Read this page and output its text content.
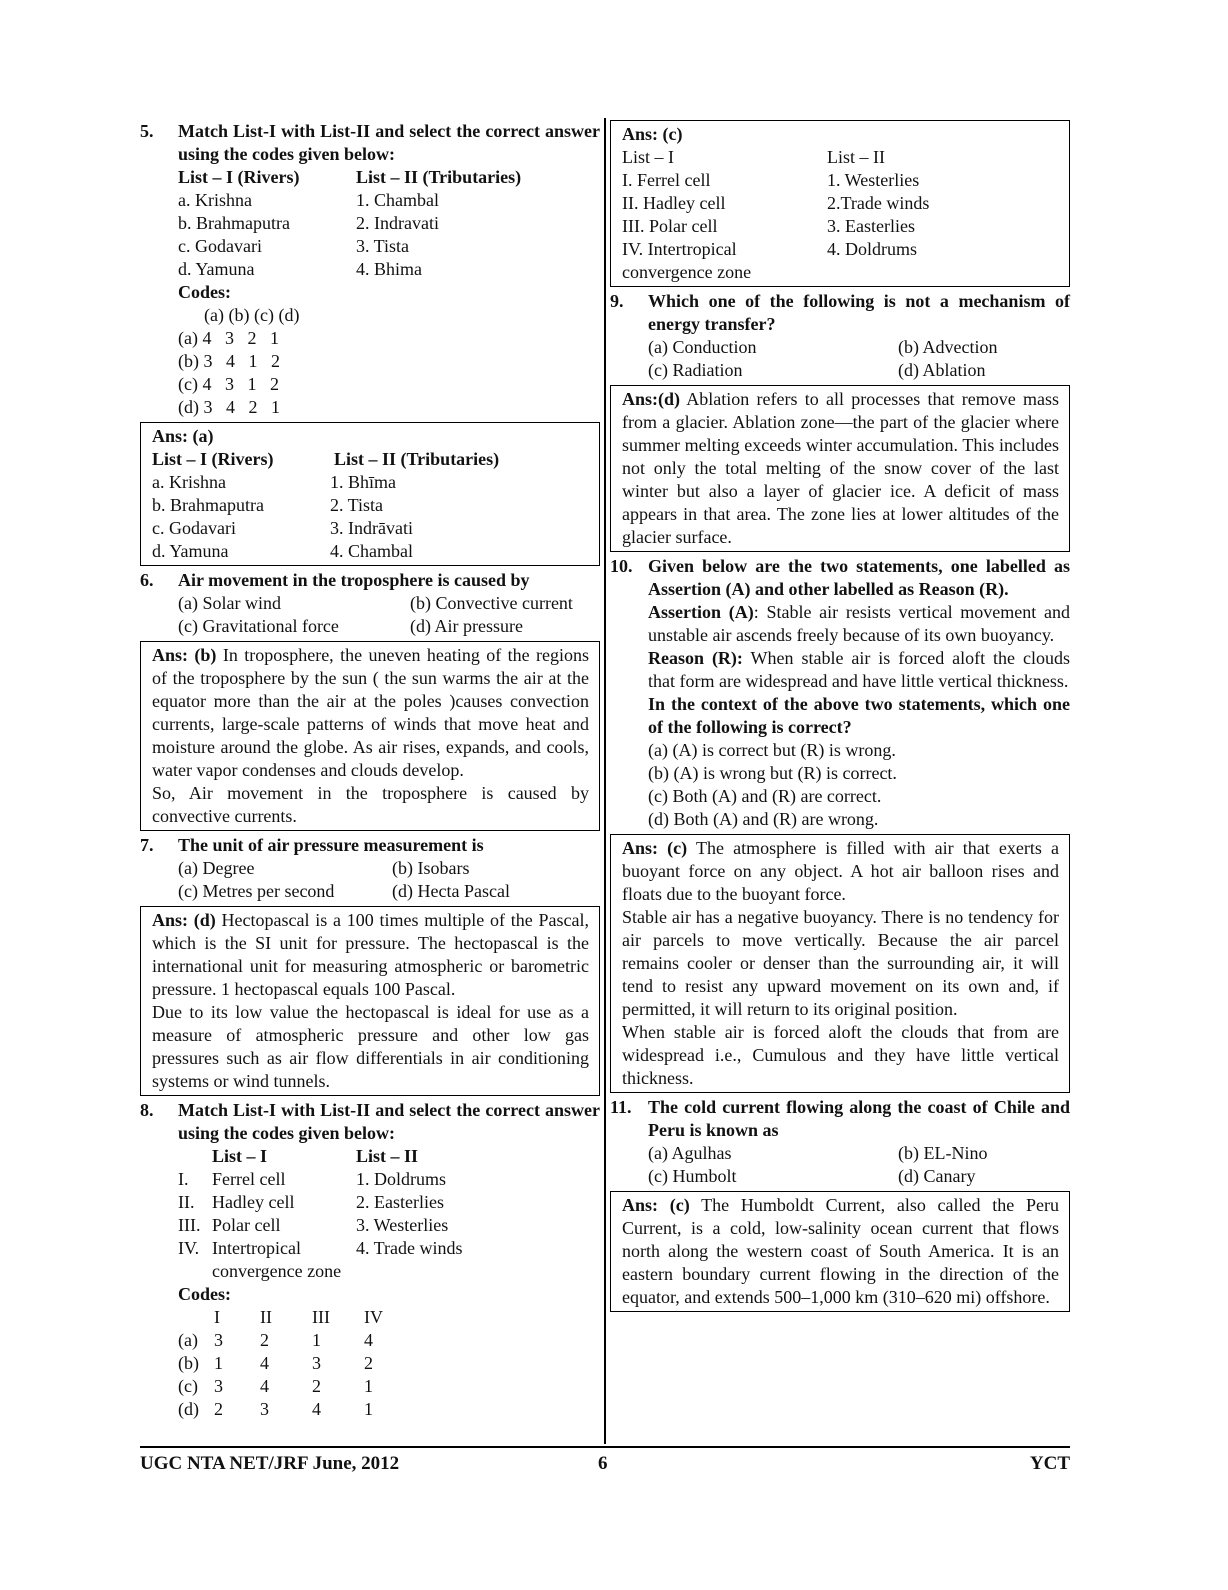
5. Match List-I with List-II and select the correct answer using the codes given below:
List – I (Rivers)	List – II (Tributaries)
a. Krishna	1. Chambal
b. Brahmaputra	2. Indravati
c. Godavari	3. Tista
d. Yamuna	4. Bhima
Codes:
(a) (b) (c) (d)
(a) 4   3   2   1
(b) 3   4   1   2
(c) 4   3   1   2
(d) 3   4   2   1
Ans: (a)
List – I (Rivers)	List – II (Tributaries)
a. Krishna	1. Bhīma
b. Brahmaputra	2. Tista
c. Godavari	3. Indrāvati
d. Yamuna	4. Chambal
6. Air movement in the troposphere is caused by
(a) Solar wind	(b) Convective current
(c) Gravitational force	(d) Air pressure

Ans: (b) In troposphere, the uneven heating of the regions of the troposphere by the sun ( the sun warms the air at the equator more than the air at the poles )causes convection currents, large-scale patterns of winds that move heat and moisture around the globe. As air rises, expands, and cools, water vapor condenses and clouds develop.

So, Air movement in the troposphere is caused by convective currents.

7. The unit of air pressure measurement is
(a) Degree	(b) Isobars
(c) Metres per second	(d) Hecta Pascal

Ans: (d) Hectopascal is a 100 times multiple of the Pascal, which is the SI unit for pressure. The hectopascal is the international unit for measuring atmospheric or barometric pressure. 1 hectopascal equals 100 Pascal.

Due to its low value the hectopascal is ideal for use as a measure of atmospheric pressure and other low gas pressures such as air flow differentials in air conditioning systems or wind tunnels.

8. Match List-I with List-II and select the correct answer using the codes given below:
List – I	List – II
I.	Ferrel cell	1. Doldrums
II. Hadley cell	2. Easterlies
III. Polar cell	3. Westerlies
IV. Intertropical	4. Trade winds
convergence zone
Codes:
I	II	III	IV
(a) 3	2	1	4
(b) 1	4	3	2
(c) 3	4	2	1
(d) 2	3	4	1
Ans: (c)
List – I	List – II
I. Ferrel cell	1. Westerlies
II. Hadley cell	2.Trade winds
III. Polar cell	3. Easterlies
IV. Intertropical	4. Doldrums
convergence zone
9. Which one of the following is not a mechanism of energy transfer?
(a) Conduction	(b) Advection
(c) Radiation	(d) Ablation

Ans:(d) Ablation refers to all processes that remove mass from a glacier. Ablation zone—the part of the glacier where summer melting exceeds winter accumulation. This includes not only the total melting of the snow cover of the last winter but also a layer of glacier ice. A deficit of mass appears in that area. The zone lies at lower altitudes of the glacier surface.

10. Given below are the two statements, one labelled as Assertion (A) and other labelled as Reason (R).
Assertion (A): Stable air resists vertical movement and unstable air ascends freely because of its own buoyancy.
Reason (R): When stable air is forced aloft the clouds that form are widespread and have little vertical thickness.
In the context of the above two statements, which one of the following is correct?
(a) (A) is correct but (R) is wrong.
(b) (A) is wrong but (R) is correct.
(c) Both (A) and (R) are correct.
(d) Both (A) and (R) are wrong.

Ans: (c) The atmosphere is filled with air that exerts a buoyant force on any object. A hot air balloon rises and floats due to the buoyant force.

Stable air has a negative buoyancy. There is no tendency for air parcels to move vertically. Because the air parcel remains cooler or denser than the surrounding air, it will tend to resist any upward movement on its own and, if permitted, it will return to its original position.

When stable air is forced aloft the clouds that from are widespread i.e., Cumulous and they have little vertical thickness.

11. The cold current flowing along the coast of Chile and Peru is known as
(a) Agulhas	(b) EL-Nino
(c) Humbolt	(d) Canary

Ans: (c) The Humboldt Current, also called the Peru Current, is a cold, low-salinity ocean current that flows north along the western coast of South America. It is an eastern boundary current flowing in the direction of the equator, and extends 500–1,000 km (310–620 mi) offshore.

UGC NTA NET/JRF June, 2012	6	YCT
